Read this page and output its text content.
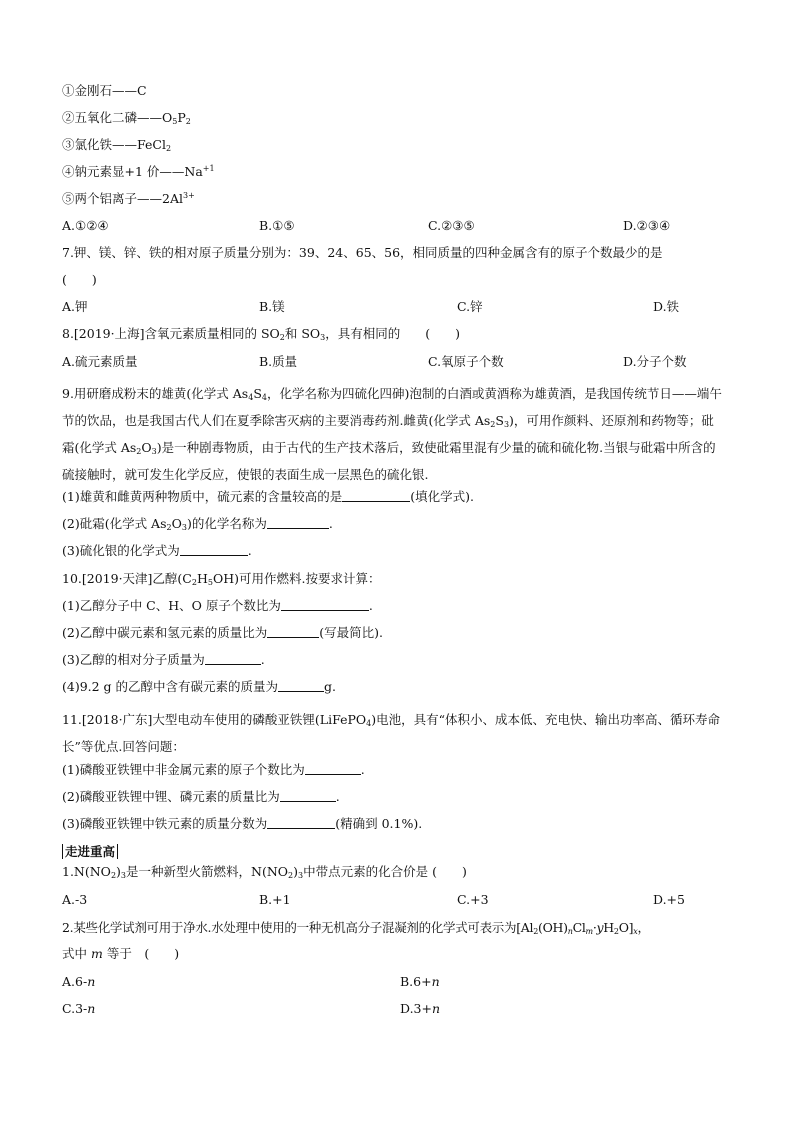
①金刚石——C
②五氧化二磷$——O_5P_2$
③氯化铁——FeCl$_2$
④钠元素显+1 价$——Na^{+1}$
⑤两个铝离子$——2Al^{3+}$
A.①②④	B.①⑤	C.②③⑤	D.②③④
7.钾、镁、锌、铁的相对原子质量分别为：39、24、65、56，相同质量的四种金属含有的原子个数最少的是
(　　)
A.钾	B.镁	C.锌	D.铁
8.[2019·上海]含氧元素质量相同的 $SO_2$和 $SO_3$，具有相同的　　(　　)
A.硫元素质量	B.质量	C.氧原子个数	D.分子个数
9.用研磨成粉末的雄黄(化学式 $As_4S_4$，化学名称为四硫化四砷)泡制的白酒或黄酒称为雄黄酒，是我国传统节日——端午节的饮品，也是我国古代人们在夏季除害灭病的主要消毒药剂.雌黄(化学式 $As_2S_3$)，可用作颜料、还原剂和药物等；砒霜(化学式 $As_2O_3$)是一种剧毒物质，由于古代的生产技术落后，致使砒霜里混有少量的硫和硫化物.当银与砒霜中所含的硫接触时，就可发生化学反应，使银的表面生成一层黑色的硫化银.
(1)雄黄和雌黄两种物质中，硫元素的含量较高的是	(填化学式).
(2)砒霜(化学式 $As_2O_3$)的化学名称为	.
(3)硫化银的化学式为	.
10.[2019·天津]乙醇$(C_2H_5OH)$可用作燃料.按要求计算：
(1)乙醇分子中 C、H、O 原子个数比为	.
(2)乙醇中碳元素和氢元素的质量比为	(写最简比).
(3)乙醇的相对分子质量为	.
(4)9.2 g 的乙醇中含有碳元素的质量为	g.
11.[2018·广东]大型电动车使用的磷酸亚铁锂(LiFePO$_4$)电池，具有“体积小、成本低、充电快、输出功率高、循环寿命长”等优点.回答问题：
(1)磷酸亚铁锂中非金属元素的原子个数比为	.
(2)磷酸亚铁锂中锂、磷元素的质量比为	.
(3)磷酸亚铁锂中铁元素的质量分数为	(精确到 0.1%).
走进重高
$1.N(NO_2)_3$是一种新型火箭燃料，$N(NO_2)_3$中带点元素的化合价是 (　　)
A.-3	B.+1	C.+3	D.+5
2.某些化学试剂可用于净水.水处理中使用的一种无机高分子混凝剂的化学式可表示为$[Al_2(OH)_nCl_m\cdot yH_2O]_x$，
式中 m 等于　(　　)
A.6-n	B.6+n
C.3-n	D.3+n
